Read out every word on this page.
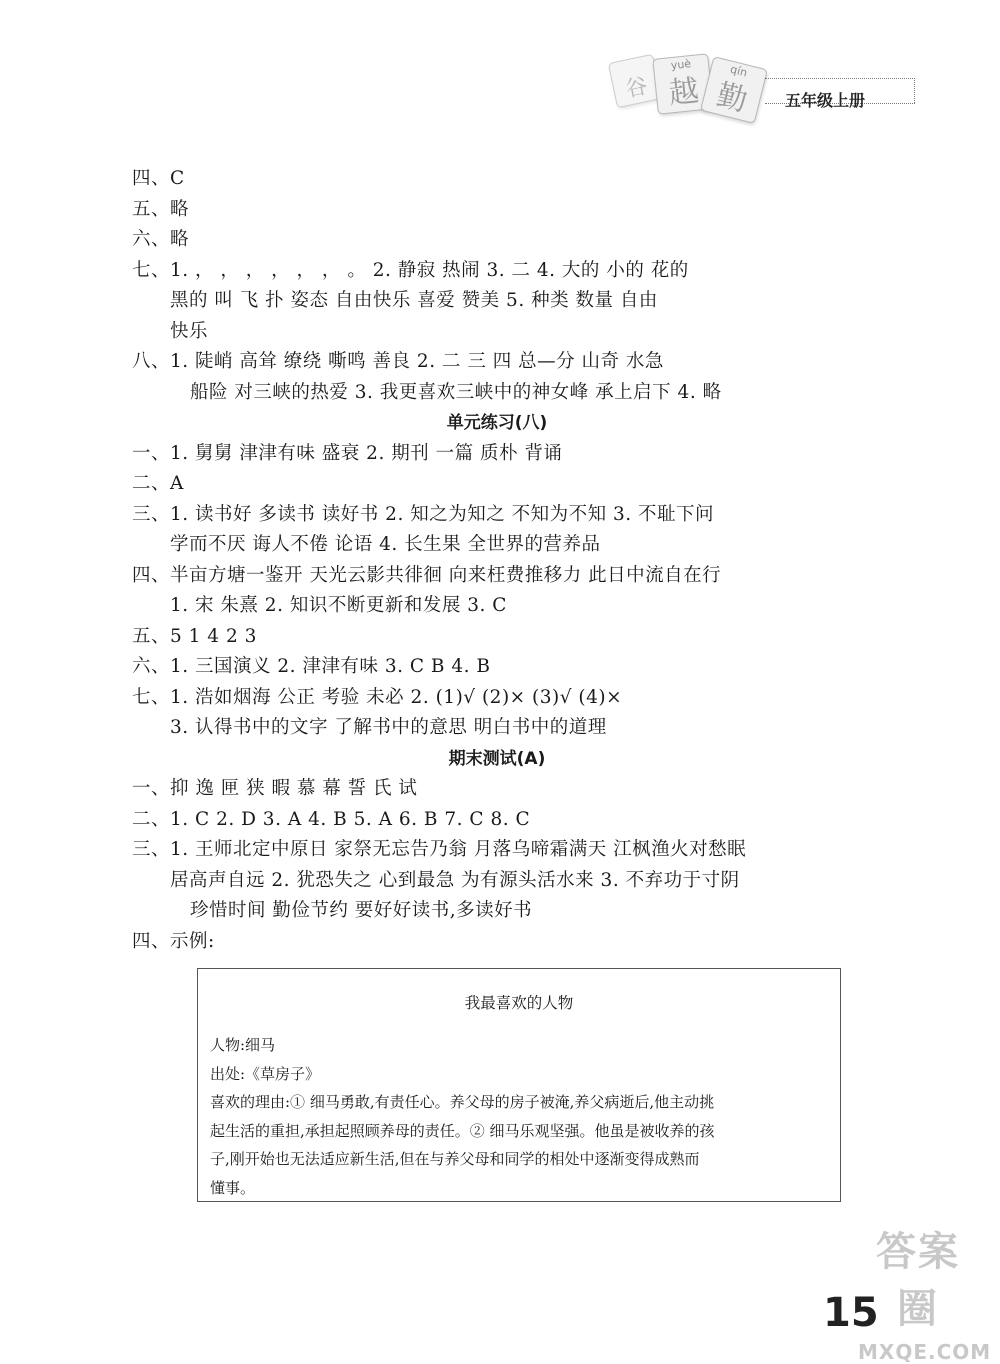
谷
yuè
越
qín
勤 五年级上册
四、C
五、略
六、略
七、1. ， ， ， ， ， ， 。 2. 静寂 热闹 3. 二 4. 大的 小的 花的
黑的 叫 飞 扑 姿态 自由快乐 喜爱 赞美 5. 种类 数量 自由
快乐
八、1. 陡峭 高耸 缭绕 嘶鸣 善良 2. 二 三 四 总—分 山奇 水急
船险 对三峡的热爱 3. 我更喜欢三峡中的神女峰 承上启下 4. 略
单元练习(八)
一、1. 舅舅 津津有味 盛衰 2. 期刊 一篇 质朴 背诵
二、A
三、1. 读书好 多读书 读好书 2. 知之为知之 不知为不知 3. 不耻下问
学而不厌 诲人不倦 论语 4. 长生果 全世界的营养品
四、半亩方塘一鉴开 天光云影共徘徊 向来枉费推移力 此日中流自在行
1. 宋 朱熹 2. 知识不断更新和发展 3. C
五、5 1 4 2 3
六、1. 三国演义 2. 津津有味 3. C B 4. B
七、1. 浩如烟海 公正 考验 未必 2. (1)√ (2)× (3)√ (4)×
3. 认得书中的文字 了解书中的意思 明白书中的道理
期末测试(A)
一、抑 逸 匣 狭 暇 慕 幕 誓 氏 试
二、1. C 2. D 3. A 4. B 5. A 6. B 7. C 8. C
三、1. 王师北定中原日 家祭无忘告乃翁 月落乌啼霜满天 江枫渔火对愁眠
居高声自远 2. 犹恐失之 心到最急 为有源头活水来 3. 不弃功于寸阴
珍惜时间 勤俭节约 要好好读书,多读好书
四、示例:
我最喜欢的人物
人物:细马
出处:《草房子》
喜欢的理由:① 细马勇敢,有责任心。养父母的房子被淹,养父病逝后,他主动挑
起生活的重担,承担起照顾养母的责任。② 细马乐观坚强。他虽是被收养的孩
子,刚开始也无法适应新生活,但在与养父母和同学的相处中逐渐变得成熟而
懂事。
答案圈
MXQE.COM
15
